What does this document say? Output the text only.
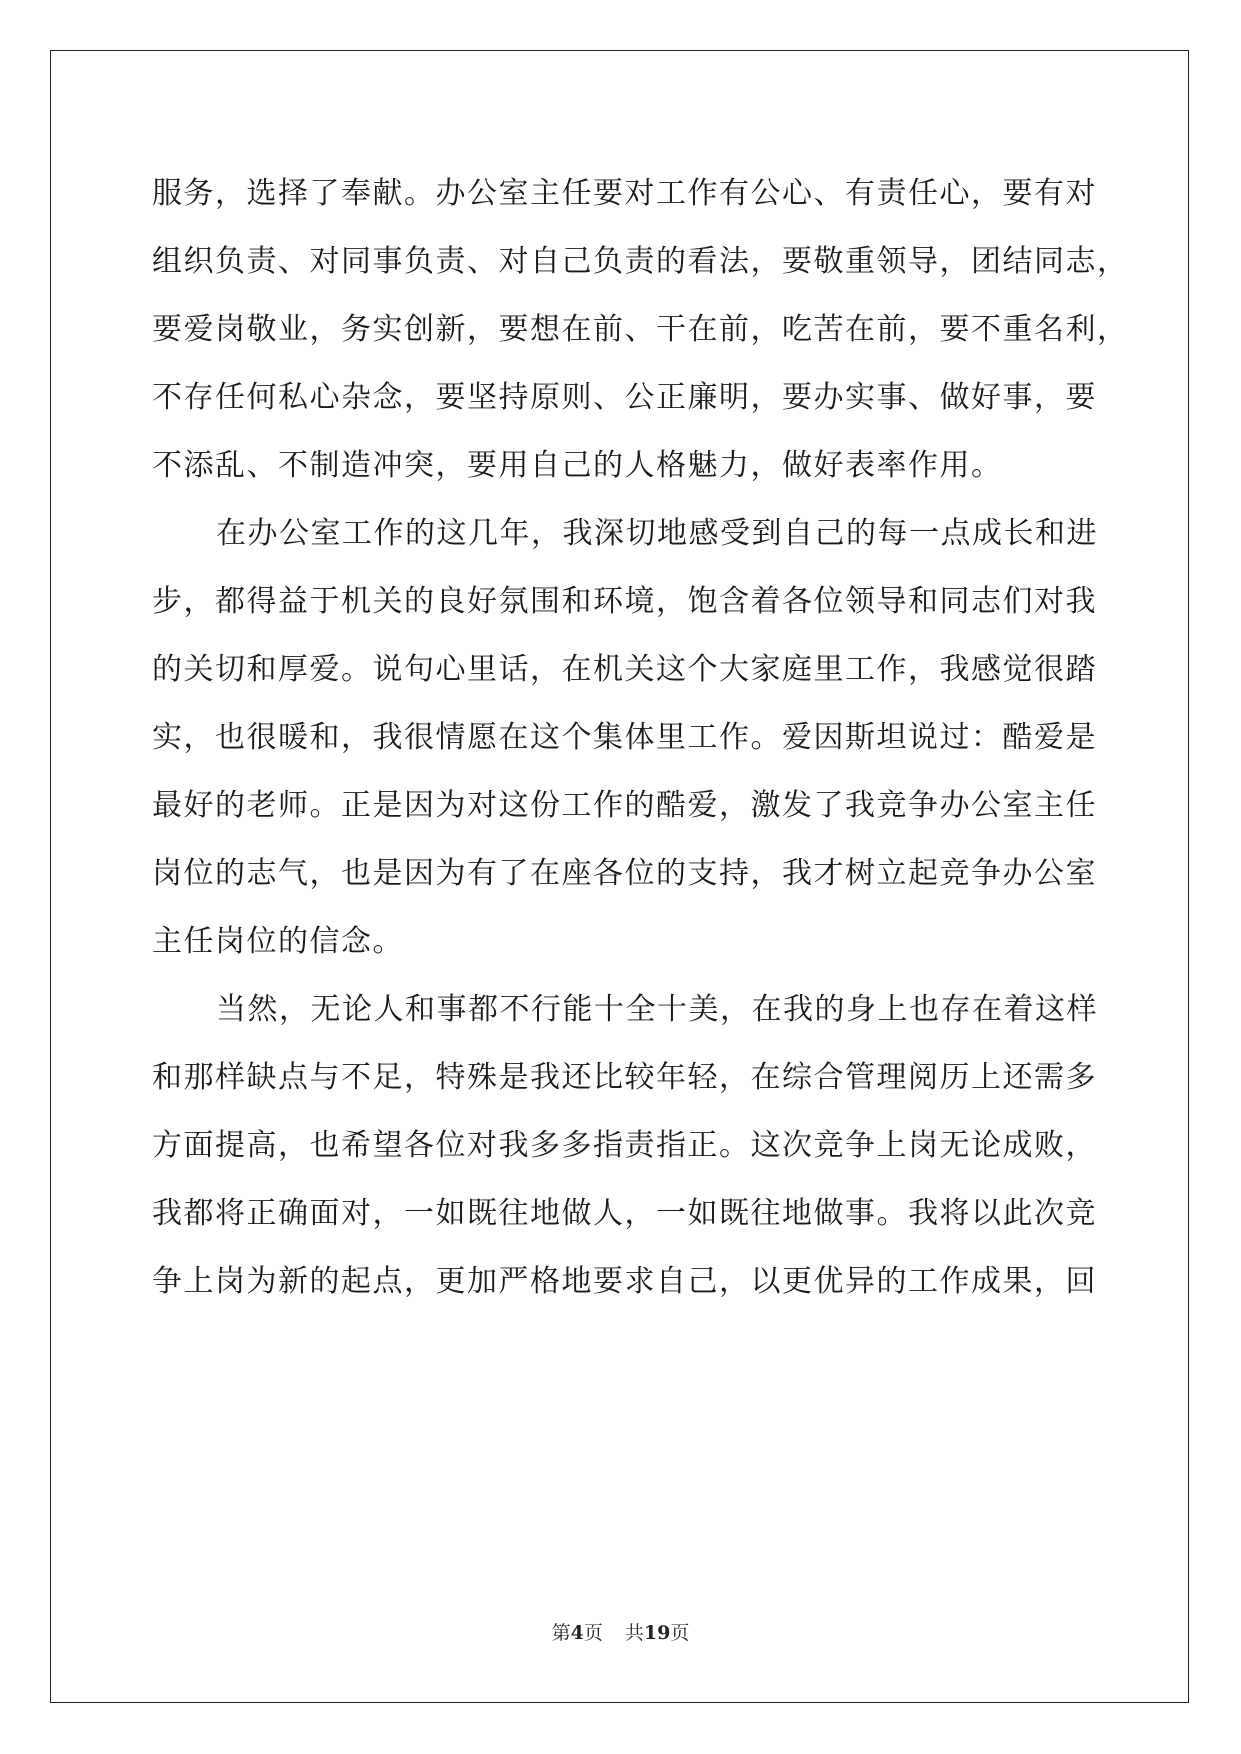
服务，选择了奉献。办公室主任要对工作有公心、有责任心，要有对
组织负责、对同事负责、对自己负责的看法，要敬重领导，团结同志，
要爱岗敬业，务实创新，要想在前、干在前，吃苦在前，要不重名利，
不存任何私心杂念，要坚持原则、公正廉明，要办实事、做好事，要
不添乱、不制造冲突，要用自己的人格魅力，做好表率作用。
在办公室工作的这几年，我深切地感受到自己的每一点成长和进
步，都得益于机关的良好氛围和环境，饱含着各位领导和同志们对我
的关切和厚爱。说句心里话，在机关这个大家庭里工作，我感觉很踏
实，也很暖和，我很情愿在这个集体里工作。爱因斯坦说过：酷爱是
最好的老师。正是因为对这份工作的酷爱，激发了我竞争办公室主任
岗位的志气，也是因为有了在座各位的支持，我才树立起竞争办公室
主任岗位的信念。
当然，无论人和事都不行能十全十美，在我的身上也存在着这样
和那样缺点与不足，特殊是我还比较年轻，在综合管理阅历上还需多
方面提高，也希望各位对我多多指责指正。这次竞争上岗无论成败，
我都将正确面对，一如既往地做人，一如既往地做事。我将以此次竞
争上岗为新的起点，更加严格地要求自己，以更优异的工作成果，回
第4页 共19页
